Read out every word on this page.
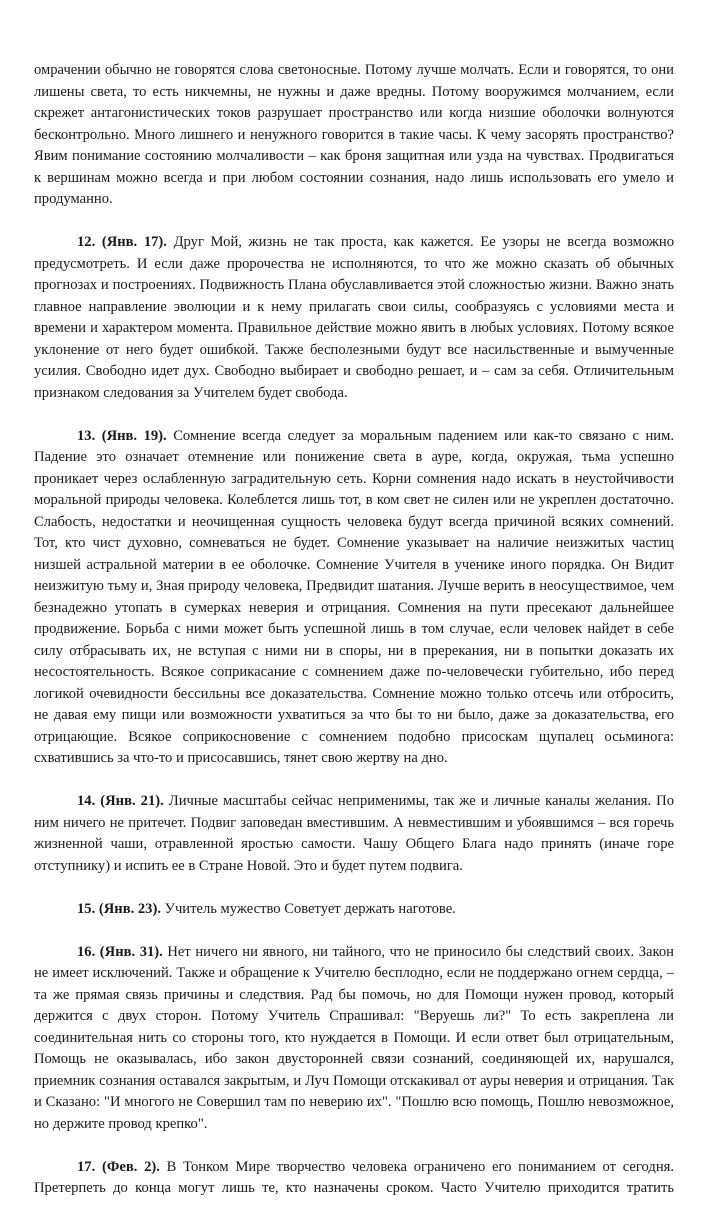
омрачении обычно не говорятся слова светоносные. Потому лучше молчать. Если и говорятся, то они лишены света, то есть никчемны, не нужны и даже вредны. Потому вооружимся молчанием, если скрежет антагонистических токов разрушает пространство или когда низшие оболочки волнуются бесконтрольно. Много лишнего и ненужного говорится в такие часы. К чему засорять пространство? Явим понимание состоянию молчаливости – как броня защитная или узда на чувствах. Продвигаться к вершинам можно всегда и при любом состоянии сознания, надо лишь использовать его умело и продуманно.

12. (Янв. 17). Друг Мой, жизнь не так проста, как кажется. Ее узоры не всегда возможно предусмотреть. И если даже пророчества не исполняются, то что же можно сказать об обычных прогнозах и построениях. Подвижность Плана обуславливается этой сложностью жизни. Важно знать главное направление эволюции и к нему прилагать свои силы, сообразуясь с условиями места и времени и характером момента. Правильное действие можно явить в любых условиях. Потому всякое уклонение от него будет ошибкой. Также бесполезными будут все насильственные и вымученные усилия. Свободно идет дух. Свободно выбирает и свободно решает, и – сам за себя. Отличительным признаком следования за Учителем будет свобода.

13. (Янв. 19). Сомнение всегда следует за моральным падением или как-то связано с ним. Падение это означает отемнение или понижение света в ауре, когда, окружая, тьма успешно проникает через ослабленную заградительную сеть. Корни сомнения надо искать в неустойчивости моральной природы человека. Колеблется лишь тот, в ком свет не силен или не укреплен достаточно. Слабость, недостатки и неочищенная сущность человека будут всегда причиной всяких сомнений. Тот, кто чист духовно, сомневаться не будет. Сомнение указывает на наличие неизжитых частиц низшей астральной материи в ее оболочке. Сомнение Учителя в ученике иного порядка. Он Видит неизжитую тьму и, Зная природу человека, Предвидит шатания. Лучше верить в неосуществимое, чем безнадежно утопать в сумерках неверия и отрицания. Сомнения на пути пресекают дальнейшее продвижение. Борьба с ними может быть успешной лишь в том случае, если человек найдет в себе силу отбрасывать их, не вступая с ними ни в споры, ни в пререкания, ни в попытки доказать их несостоятельность. Всякое соприкасание с сомнением даже по-человечески губительно, ибо перед логикой очевидности бессильны все доказательства. Сомнение можно только отсечь или отбросить, не давая ему пищи или возможности ухватиться за что бы то ни было, даже за доказательства, его отрицающие. Всякое соприкосновение с сомнением подобно присоскам щупалец осьминога: схватившись за что-то и присосавшись, тянет свою жертву на дно.

14. (Янв. 21). Личные масштабы сейчас неприменимы, так же и личные каналы желания. По ним ничего не притечет. Подвиг заповедан вместившим. А невместившим и убоявшимся – вся горечь жизненной чаши, отравленной яростью самости. Чашу Общего Блага надо принять (иначе горе отступнику) и испить ее в Стране Новой. Это и будет путем подвига.

15. (Янв. 23). Учитель мужество Советует держать наготове.

16. (Янв. 31). Нет ничего ни явного, ни тайного, что не приносило бы следствий своих. Закон не имеет исключений. Также и обращение к Учителю бесплодно, если не поддержано огнем сердца, – та же прямая связь причины и следствия. Рад бы помочь, но для Помощи нужен провод, который держится с двух сторон. Потому Учитель Спрашивал: "Веруешь ли?" То есть закреплена ли соединительная нить со стороны того, кто нуждается в Помощи. И если ответ был отрицательным, Помощь не оказывалась, ибо закон двусторонней связи сознаний, соединяющей их, нарушался, приемник сознания оставался закрытым, и Луч Помощи отскакивал от ауры неверия и отрицания. Так и Сказано: "И многого не Совершил там по неверию их". "Пошлю всю помощь, Пошлю невозможное, но держите провод крепко".

17. (Фев. 2). В Тонком Мире творчество человека ограничено его пониманием от сегодня. Претерпеть до конца могут лишь те, кто назначены сроком. Часто Учителю приходится тратить
